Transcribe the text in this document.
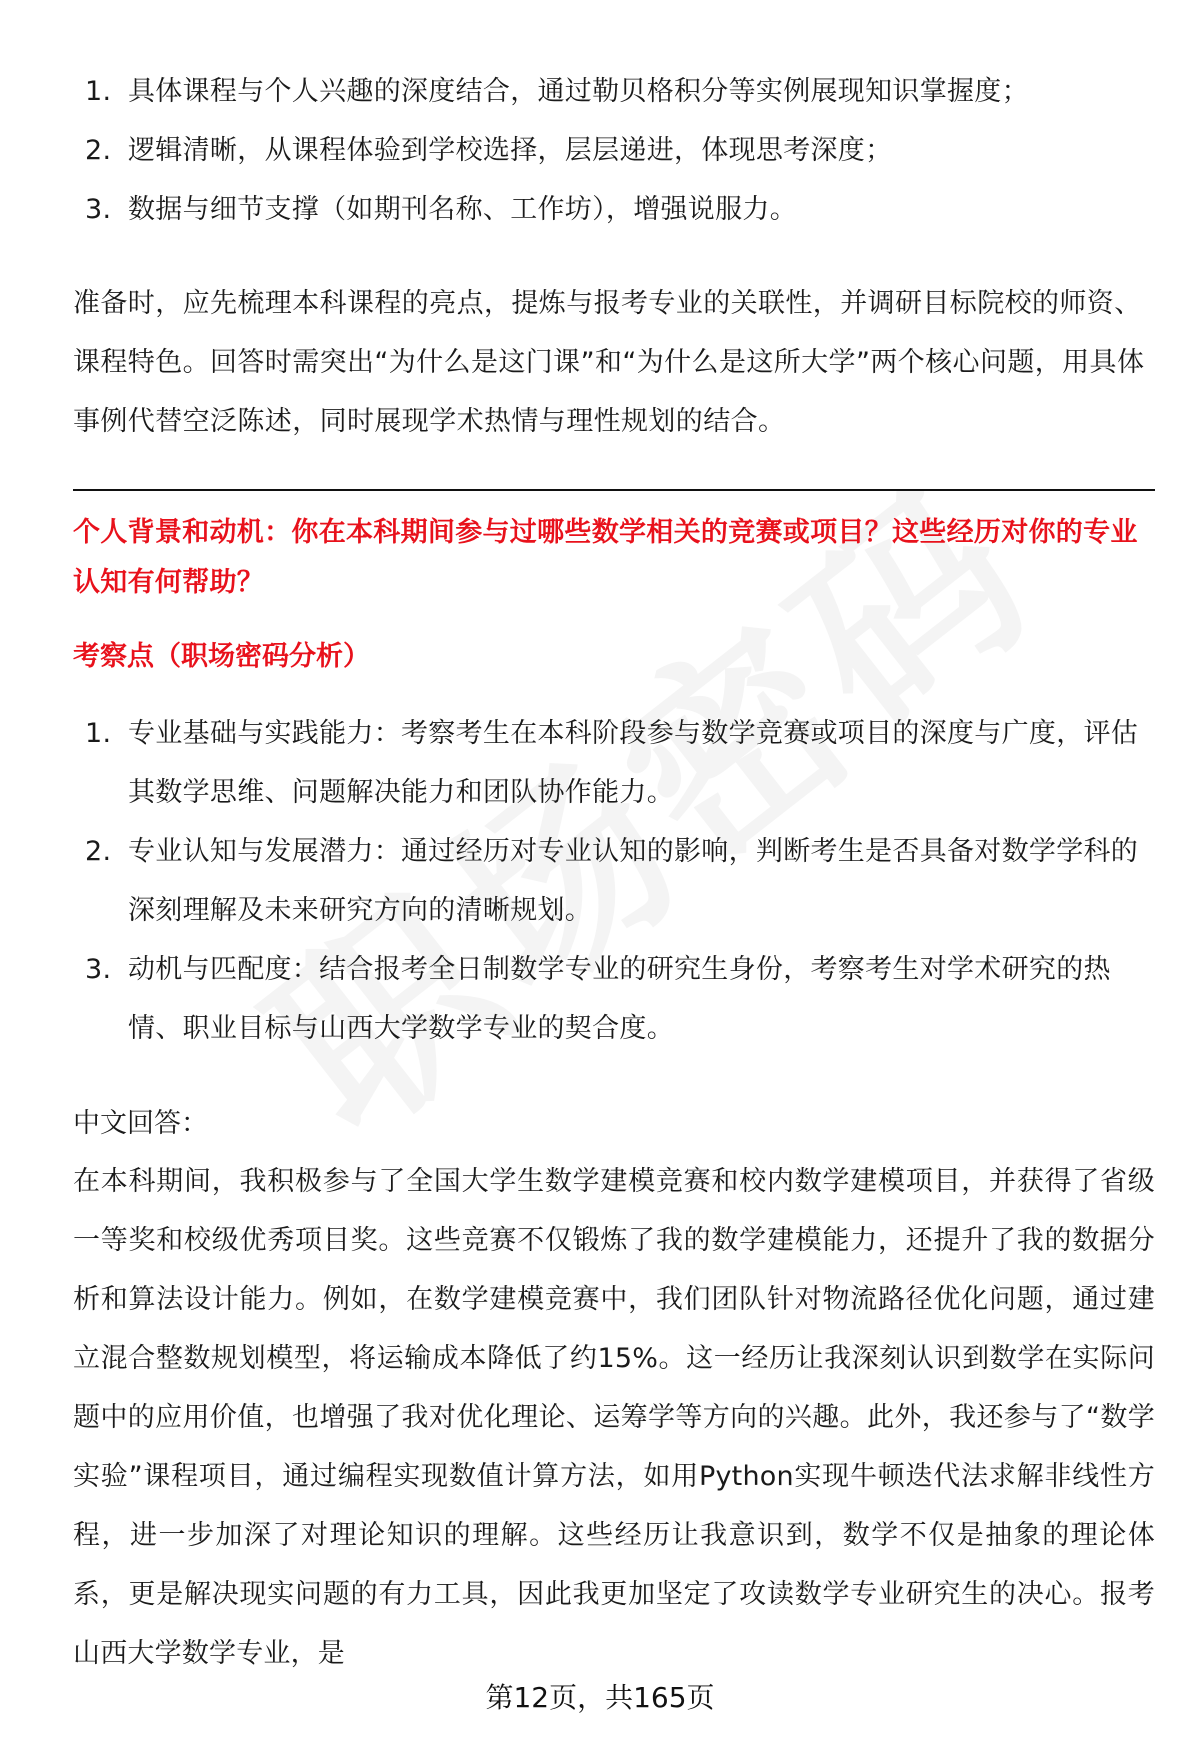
1. 具体课程与个人兴趣的深度结合，通过勒贝格积分等实例展现知识掌握度；
2. 逻辑清晰，从课程体验到学校选择，层层递进，体现思考深度；
3. 数据与细节支撑（如期刊名称、工作坊），增强说服力。

准备时，应先梳理本科课程的亮点，提炼与报考专业的关联性，并调研目标院校的师资、课程特色。回答时需突出“为什么是这门课”和“为什么是这所大学”两个核心问题，用具体事例代替空泛陈述，同时展现学术热情与理性规划的结合。

个人背景和动机：你在本科期间参与过哪些数学相关的竞赛或项目？这些经历对你的专业认知有何帮助？

考察点（职场密码分析）

1. 专业基础与实践能力：考察考生在本科阶段参与数学竞赛或项目的深度与广度，评估其数学思维、问题解决能力和团队协作能力。
2. 专业认知与发展潜力：通过经历对专业认知的影响，判断考生是否具备对数学学科的深刻理解及未来研究方向的清晰规划。
3. 动机与匹配度：结合报考全日制数学专业的研究生身份，考察考生对学术研究的热情、职业目标与山西大学数学专业的契合度。

中文回答：

在本科期间，我积极参与了全国大学生数学建模竞赛和校内数学建模项目，并获得了省级一等奖和校级优秀项目奖。这些竞赛不仅锻炼了我的数学建模能力，还提升了我的数据分析和算法设计能力。例如，在数学建模竞赛中，我们团队针对物流路径优化问题，通过建立混合整数规划模型，将运输成本降低了约15%。这一经历让我深刻认识到数学在实际问题中的应用价值，也增强了我对优化理论、运筹学等方向的兴趣。此外，我还参与了“数学实验”课程项目，通过编程实现数值计算方法，如用Python实现牛顿迭代法求解非线性方程，进一步加深了对理论知识的理解。这些经历让我意识到，数学不仅是抽象的理论体系，更是解决现实问题的有力工具，因此我更加坚定了攻读数学专业研究生的决心。报考山西大学数学专业，是

第12页，共165页
